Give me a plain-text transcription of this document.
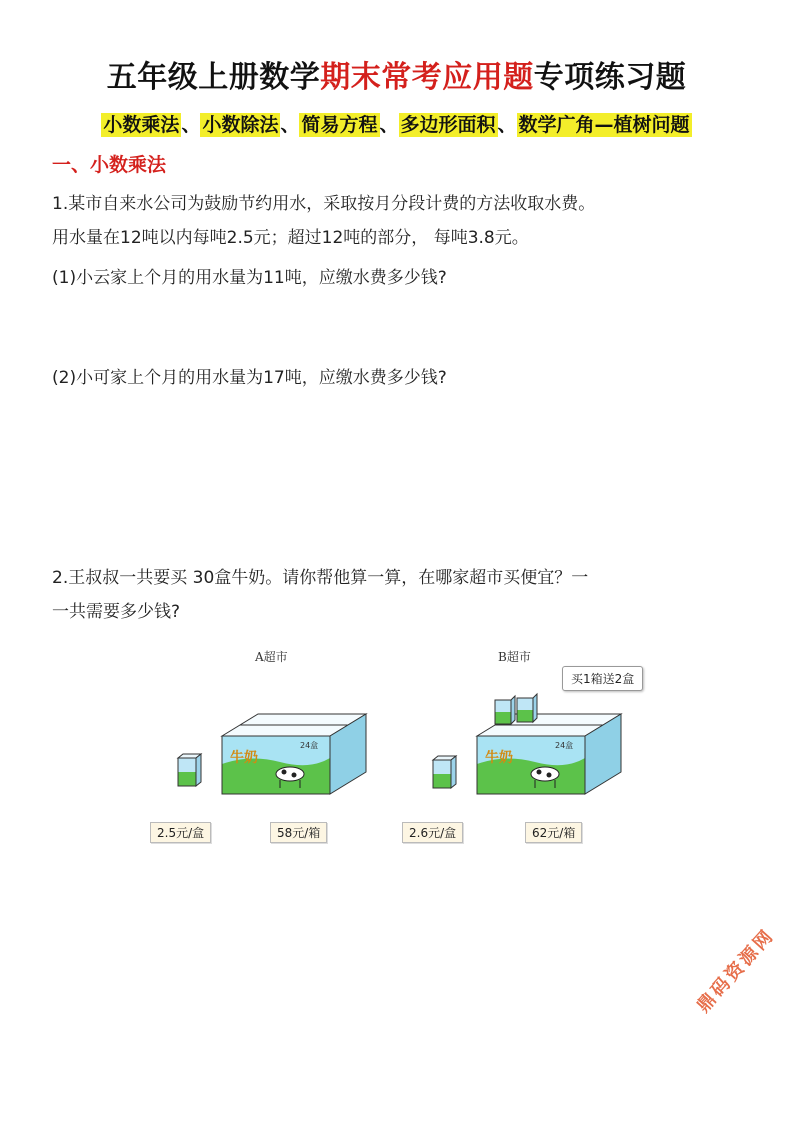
五年级上册数学期末常考应用题专项练习题
小数乘法 、 小数除法 、 简易方程 、 多边形面积 、 数学广角—植树问题
一、小数乘法
1.某市自来水公司为鼓励节约用水，采取按月分段计费的方法收取水费。
用水量在12吨以内每吨2.5元；超过12吨的部分， 每吨3.8元。
(1)小云家上个月的用水量为11吨，应缴水费多少钱?
(2)小可家上个月的用水量为17吨，应缴水费多少钱?
2.王叔叔一共要买 30盒牛奶。请你帮他算一算，在哪家超市买便宜？一
一共需要多少钱?
A超市
牛奶
24盒
2.5元/盒	58元/箱
B超市
买1箱送2盒
牛奶
24盒
2.6元/盒	62元/箱
鼎码资源网
